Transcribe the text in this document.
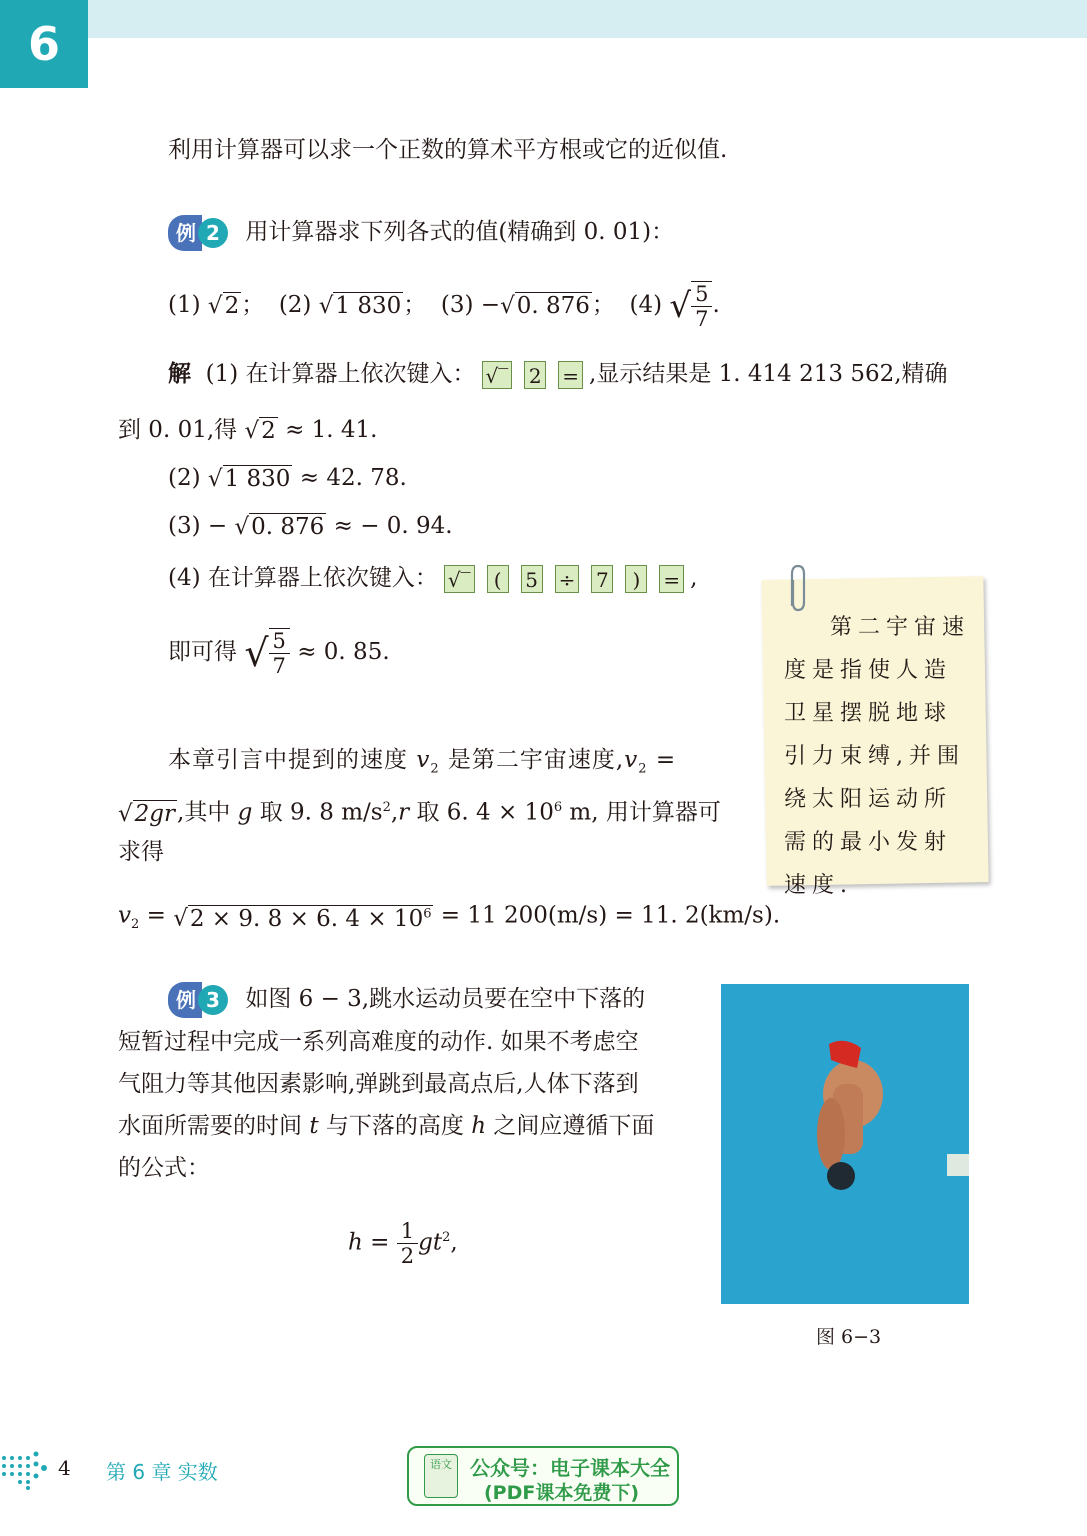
6
利用计算器可以求一个正数的算术平方根或它的近似值.
例 2	用计算器求下列各式的值(精确到 0. 01)：
(1) √2； (2) √1 830； (3) −√0. 876； (4) √ $\frac{5}{7}$ .
解 (1) 在计算器上依次键入： √‾ 2 = ,显示结果是 1. 414 213 562,精确
到 0. 01,得 √2 ≈ 1. 41.
(2) √1 830 ≈ 42. 78.
(3) − √0. 876 ≈ − 0. 94.
(4) 在计算器上依次键入： √‾ ( 5 ÷ 7 ) = ,
即可得 √ $\frac{5}{7} \approx 0$. 85.
本章引言中提到的速度 $v_2$ 是第二宇宙速度$,v_2$ =
√2gr,其中 g 取 9. 8 $m/s^2,r$ 取 6. $4 \times 10^6$ m, 用计算器可
求得
$v_2 = √2 \times 9$. 8 × 6. $4 \times 10^6 = 11$ 200(m/s) = 11. 2(km/s).
第二宇宙速度是指使人造卫星摆脱地球引力束缚,并围绕太阳运动所需的最小发射速度.
例 3	如图 6 − 3,跳水运动员要在空中下落的
短暂过程中完成一系列高难度的动作. 如果不考虑空
气阻力等其他因素影响,弹跳到最高点后,人体下落到
水面所需要的时间 t 与下落的高度 h 之间应遵循下面
的公式：
$h = \frac{1}{2} gt^2$,
图 6−3
4 第 6 章 实数	语文 公众号：电子课本大全
(PDF课本免费下)
